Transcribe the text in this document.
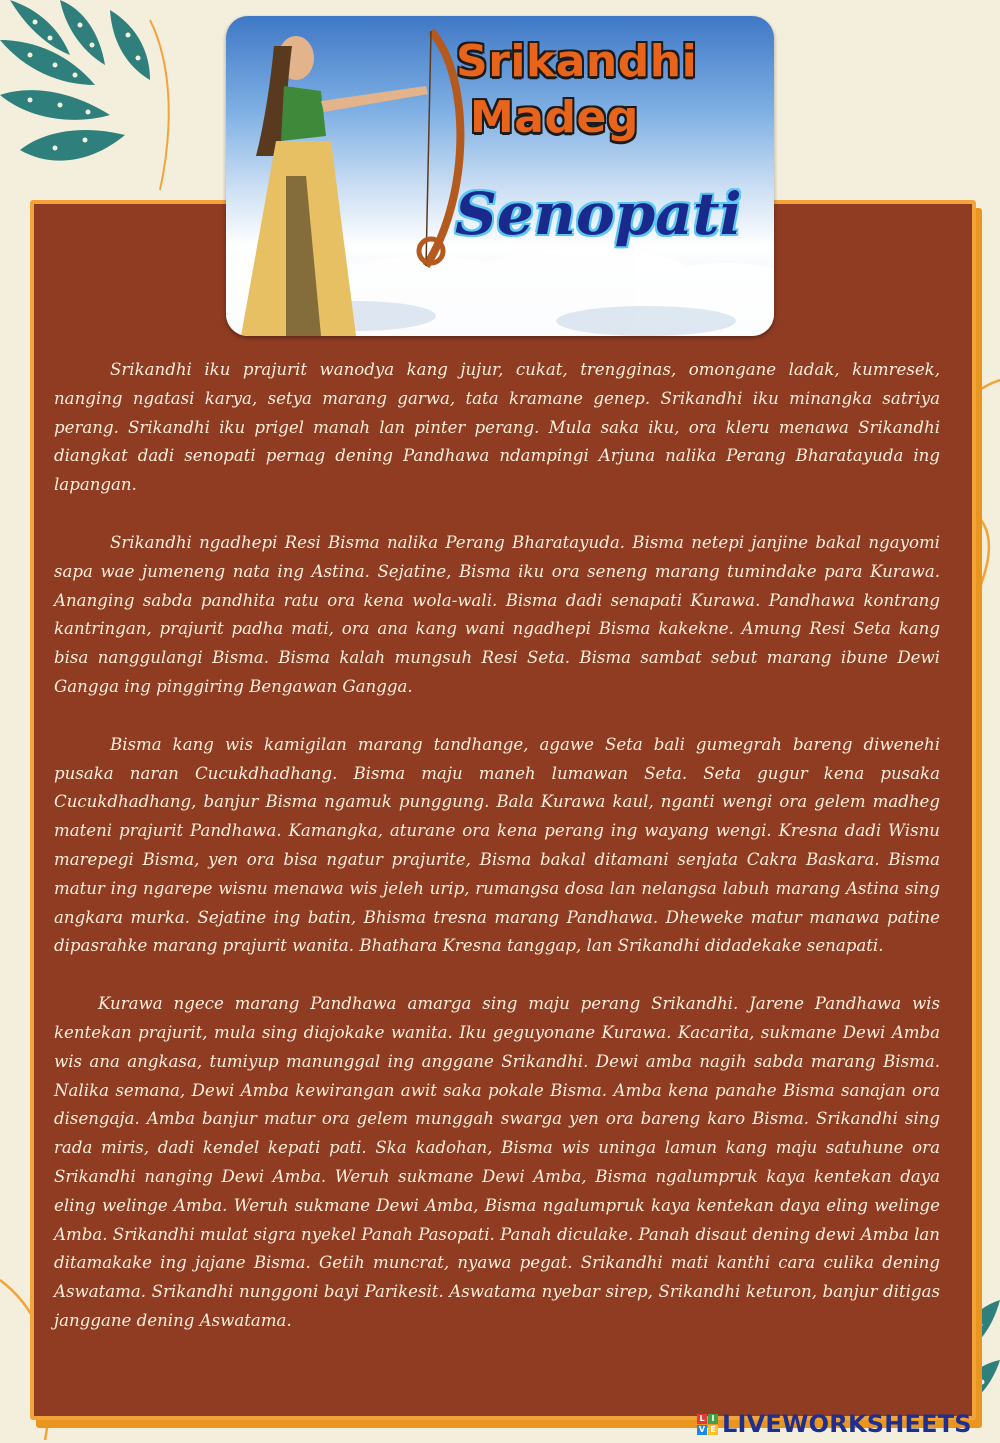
Srikandhi
Madeg
Senopati

Srikandhi iku prajurit wanodya kang jujur, cukat, trengginas, omongane ladak, kumresek, nanging ngatasi karya, setya marang garwa, tata kramane genep. Srikandhi iku minangka satriya perang. Srikandhi iku prigel manah lan pinter perang. Mula saka iku, ora kleru menawa Srikandhi diangkat dadi senopati pernag dening Pandhawa ndampingi Arjuna nalika Perang Bharatayuda ing lapangan.

Srikandhi ngadhepi Resi Bisma nalika Perang Bharatayuda. Bisma netepi janjine bakal ngayomi sapa wae jumeneng nata ing Astina. Sejatine, Bisma iku ora seneng marang tumindake para Kurawa. Ananging sabda pandhita ratu ora kena wola-wali. Bisma dadi senapati Kurawa. Pandhawa kontrang kantringan, prajurit padha mati, ora ana kang wani ngadhepi Bisma kakekne. Amung Resi Seta kang bisa nanggulangi Bisma. Bisma kalah mungsuh Resi Seta. Bisma sambat sebut marang ibune Dewi Gangga ing pinggiring Bengawan Gangga.

Bisma kang wis kamigilan marang tandhange, agawe Seta bali gumegrah bareng diwenehi pusaka naran Cucukdhadhang. Bisma maju maneh lumawan Seta. Seta gugur kena pusaka Cucukdhadhang, banjur Bisma ngamuk punggung. Bala Kurawa kaul, nganti wengi ora gelem madheg mateni prajurit Pandhawa. Kamangka, aturane ora kena perang ing wayang wengi. Kresna dadi Wisnu marepegi Bisma, yen ora bisa ngatur prajurite, Bisma bakal ditamani senjata Cakra Baskara. Bisma matur ing ngarepe wisnu menawa wis jeleh urip, rumangsa dosa lan nelangsa labuh marang Astina sing angkara murka. Sejatine ing batin, Bhisma tresna marang Pandhawa. Dheweke matur manawa patine dipasrahke marang prajurit wanita. Bhathara Kresna tanggap, lan Srikandhi didadekake senapati.

Kurawa ngece marang Pandhawa amarga sing maju perang Srikandhi. Jarene Pandhawa wis kentekan prajurit, mula sing diajokake wanita. Iku geguyonane Kurawa. Kacarita, sukmane Dewi Amba wis ana angkasa, tumiyup manunggal ing anggane Srikandhi. Dewi amba nagih sabda marang Bisma. Nalika semana, Dewi Amba kewirangan awit saka pokale Bisma. Amba kena panahe Bisma sanajan ora disengaja. Amba banjur matur ora gelem munggah swarga yen ora bareng karo Bisma. Srikandhi sing rada miris, dadi kendel kepati pati. Ska kadohan, Bisma wis uninga lamun kang maju satuhune ora Srikandhi nanging Dewi Amba. Weruh sukmane Dewi Amba, Bisma ngalumpruk kaya kentekan daya eling welinge Amba. Weruh sukmane Dewi Amba, Bisma ngalumpruk kaya kentekan daya eling welinge Amba. Srikandhi mulat sigra nyekel Panah Pasopati. Panah diculake. Panah disaut dening dewi Amba lan ditamakake ing jajane Bisma. Getih muncrat, nyawa pegat. Srikandhi mati kanthi cara culika dening Aswatama. Srikandhi nunggoni bayi Parikesit. Aswatama nyebar sirep, Srikandhi keturon, banjur ditigas janggane dening Aswatama.

L I
V E LIVEWORKSHEETS
